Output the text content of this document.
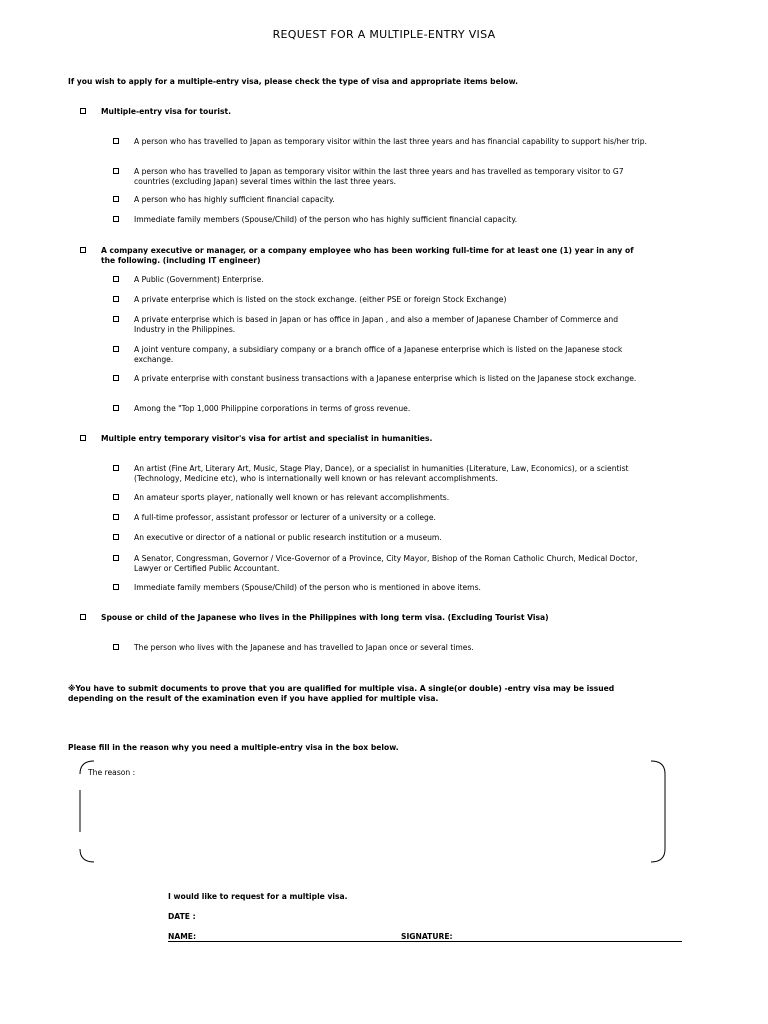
REQUEST FOR A MULTIPLE-ENTRY VISA
If you wish to apply for a multiple-entry visa, please check the type of visa and appropriate items below.
Multiple-entry visa for tourist.
A person who has travelled to Japan as temporary visitor within the last three years and has financial capability to support his/her trip.
A person who has travelled to Japan as temporary visitor within the last three years and has travelled as temporary visitor to G7 countries (excluding Japan) several times within the last three years.
A person who has highly sufficient financial capacity.
Immediate family members (Spouse/Child) of the person who has highly sufficient financial capacity.
A company executive or manager, or a company employee who has been working full-time for at least one (1) year in any of the following. (including IT engineer)
A Public (Government) Enterprise.
A private enterprise which is listed on the stock exchange. (either PSE or foreign Stock Exchange)
A private enterprise which is based in Japan or has office in Japan , and also a member of Japanese Chamber of Commerce and Industry in the Philippines.
A joint venture company, a subsidiary company or a branch office of a Japanese enterprise which is listed on the Japanese stock exchange.
A private enterprise with constant business transactions with a Japanese enterprise which is listed on the Japanese stock exchange.
Among the "Top 1,000 Philippine corporations in terms of gross revenue.
Multiple entry temporary visitor's visa for artist and specialist in humanities.
An artist (Fine Art, Literary Art, Music, Stage Play, Dance), or a specialist in humanities (Literature, Law, Economics), or a scientist (Technology, Medicine etc), who is internationally well known or has relevant accomplishments.
An amateur sports player, nationally well known or has relevant accomplishments.
A full-time professor, assistant professor or lecturer of a university or a college.
An executive or director of a national or public research institution or a museum.
A Senator, Congressman, Governor / Vice-Governor of a Province, City Mayor, Bishop of the Roman Catholic Church, Medical Doctor, Lawyer or Certified Public Accountant.
Immediate family members (Spouse/Child) of the person who is mentioned in above items.
Spouse or child of the Japanese who lives in the Philippines with long term visa. (Excluding Tourist Visa)
The person who lives with the Japanese and has travelled to Japan once or several times.
※You have to submit documents to prove that you are qualified for multiple visa. A single(or double) -entry visa may be issued depending on the result of the examination even if you have applied for multiple visa.
Please fill in the reason why you need a multiple-entry visa in the box below.
The reason :
I would like to request for a multiple visa.
DATE :
NAME:	SIGNATURE:
